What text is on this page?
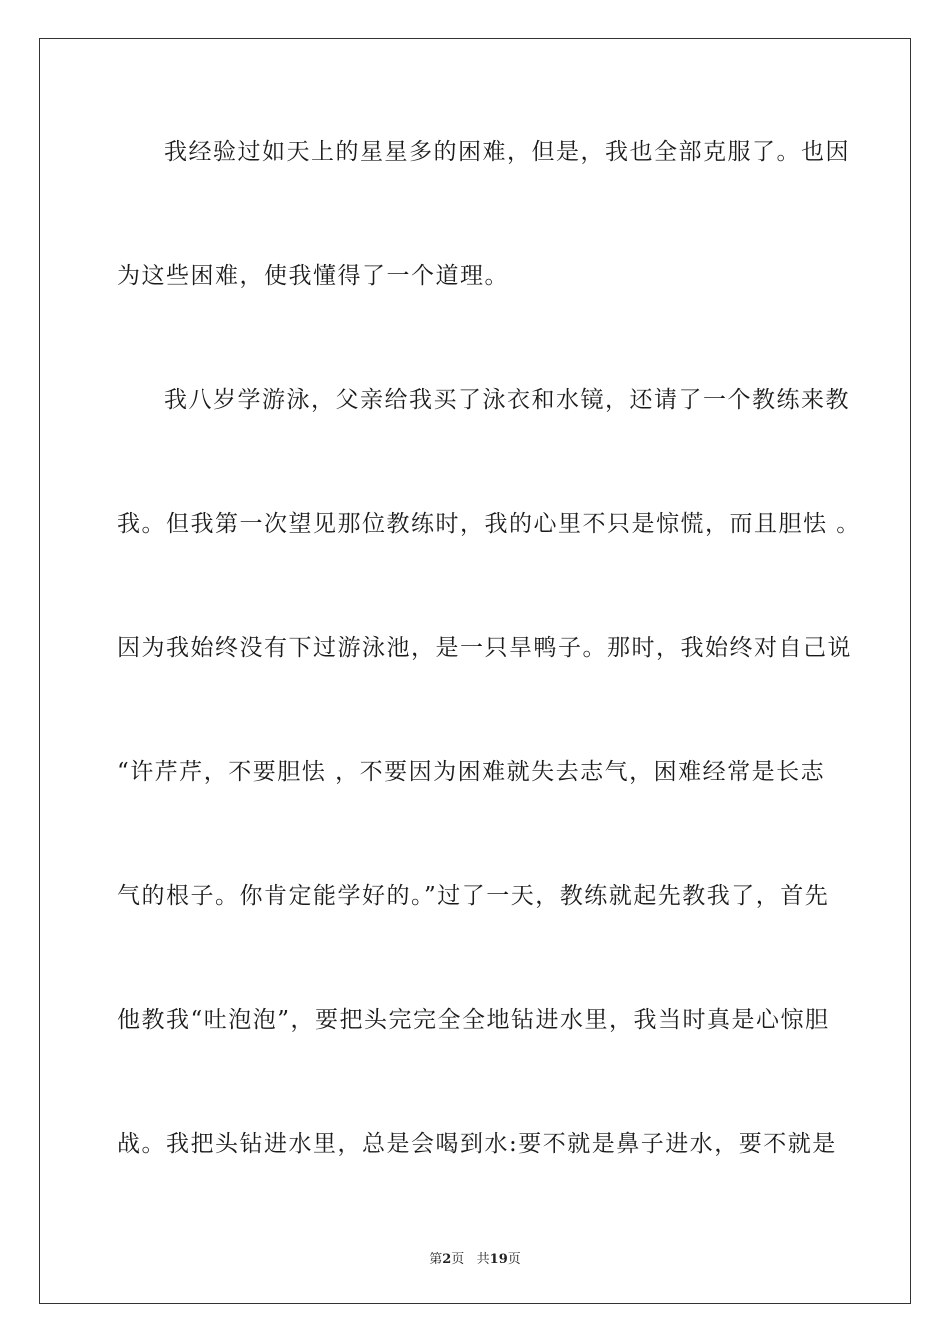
我经验过如天上的星星多的困难，但是，我也全部克服了。也因
为这些困难，使我懂得了一个道理。
我八岁学游泳，父亲给我买了泳衣和水镜，还请了一个教练来教
我。但我第一次望见那位教练时，我的心里不只是惊慌，而且胆怯 。
因为我始终没有下过游泳池，是一只旱鸭子。那时，我始终对自己说
“许芹芹，不要胆怯 ，不要因为困难就失去志气，困难经常是长志
气的根子。你肯定能学好的。”过了一天，教练就起先教我了，首先
他教我“吐泡泡”，要把头完完全全地钻进水里，我当时真是心惊胆
战。我把头钻进水里，总是会喝到水:要不就是鼻子进水，要不就是
第2页   共19页
